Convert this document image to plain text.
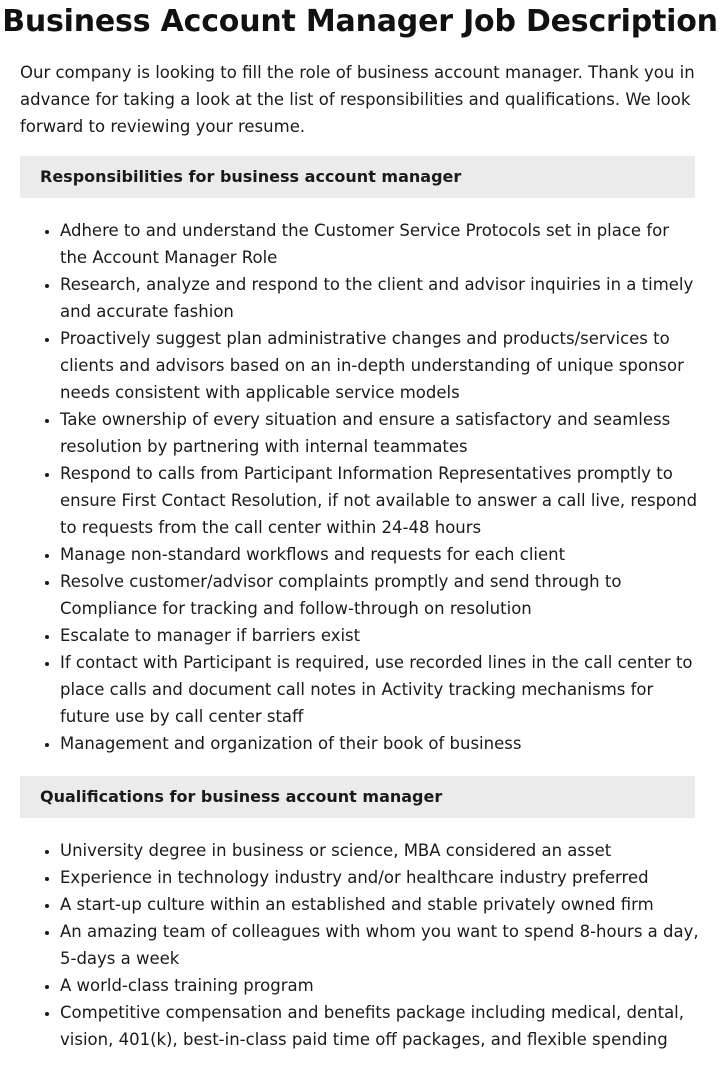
Business Account Manager Job Description

Our company is looking to fill the role of business account manager. Thank you in advance for taking a look at the list of responsibilities and qualifications. We look forward to reviewing your resume.

Responsibilities for business account manager
• Adhere to and understand the Customer Service Protocols set in place for the Account Manager Role
• Research, analyze and respond to the client and advisor inquiries in a timely and accurate fashion
• Proactively suggest plan administrative changes and products/services to clients and advisors based on an in-depth understanding of unique sponsor needs consistent with applicable service models
• Take ownership of every situation and ensure a satisfactory and seamless resolution by partnering with internal teammates
• Respond to calls from Participant Information Representatives promptly to ensure First Contact Resolution, if not available to answer a call live, respond to requests from the call center within 24-48 hours
• Manage non-standard workflows and requests for each client
• Resolve customer/advisor complaints promptly and send through to Compliance for tracking and follow-through on resolution
• Escalate to manager if barriers exist
• If contact with Participant is required, use recorded lines in the call center to place calls and document call notes in Activity tracking mechanisms for future use by call center staff
• Management and organization of their book of business
Qualifications for business account manager
• University degree in business or science, MBA considered an asset
• Experience in technology industry and/or healthcare industry preferred
• A start-up culture within an established and stable privately owned firm
• An amazing team of colleagues with whom you want to spend 8-hours a day, 5-days a week
• A world-class training program
• Competitive compensation and benefits package including medical, dental, vision, 401(k), best-in-class paid time off packages, and flexible spending
